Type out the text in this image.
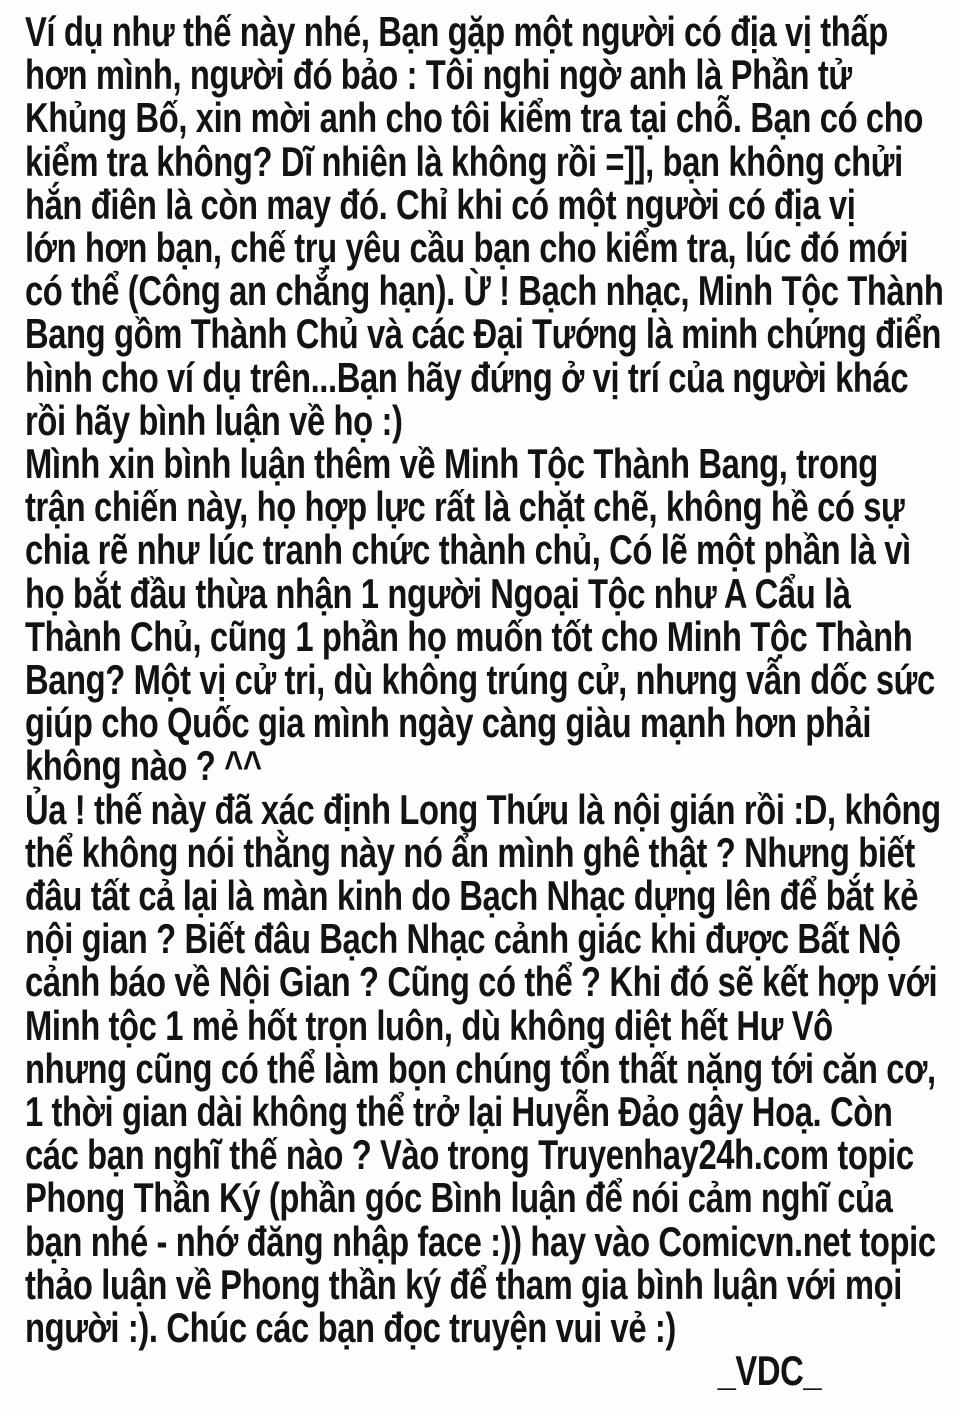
Ví dụ như thế này nhé, Bạn gặp một người có địa vị thấp
hơn mình, người đó bảo : Tôi nghi ngờ anh là Phần tử
Khủng Bố, xin mời anh cho tôi kiểm tra tại chỗ. Bạn có cho
kiểm tra không? Dĩ nhiên là không rồi =]], bạn không chửi
hắn điên là còn may đó. Chỉ khi có một người có địa vị
lớn hơn bạn, chế trụ yêu cầu bạn cho kiểm tra, lúc đó mới
có thể (Công an chẳng hạn). Ừ ! Bạch nhạc, Minh Tộc Thành
Bang gồm Thành Chủ và các Đại Tướng là minh chứng điển
hình cho ví dụ trên...Bạn hãy đứng ở vị trí của người khác
rồi hãy bình luận về họ :)
Mình xin bình luận thêm về Minh Tộc Thành Bang, trong
trận chiến này, họ hợp lực rất là chặt chẽ, không hề có sự
chia rẽ như lúc tranh chức thành chủ, Có lẽ một phần là vì
họ bắt đầu thừa nhận 1 người Ngoại Tộc như A Cẩu là
Thành Chủ, cũng 1 phần họ muốn tốt cho Minh Tộc Thành
Bang? Một vị cử tri, dù không trúng cử, nhưng vẫn dốc sức
giúp cho Quốc gia mình ngày càng giàu mạnh hơn phải
không nào ? ^^
Ủa ! thế này đã xác định Long Thứu là nội gián rồi :D, không
thể không nói thằng này nó ẩn mình ghê thật ? Nhưng biết
đâu tất cả lại là màn kinh do Bạch Nhạc dựng lên để bắt kẻ
nội gian ? Biết đâu Bạch Nhạc cảnh giác khi được Bất Nộ
cảnh báo về Nội Gian ? Cũng có thể ? Khi đó sẽ kết hợp với
Minh tộc 1 mẻ hốt trọn luôn, dù không diệt hết Hư Vô
nhưng cũng có thể làm bọn chúng tổn thất nặng tới căn cơ,
1 thời gian dài không thể trở lại Huyễn Đảo gây Hoạ. Còn
các bạn nghĩ thế nào ? Vào trong Truyenhay24h.com topic
Phong Thần Ký (phần góc Bình luận để nói cảm nghĩ của
bạn nhé - nhớ đăng nhập face :)) hay vào Comicvn.net topic
thảo luận về Phong thần ký để tham gia bình luận với mọi
người :). Chúc các bạn đọc truyện vui vẻ :)
_VDC_
